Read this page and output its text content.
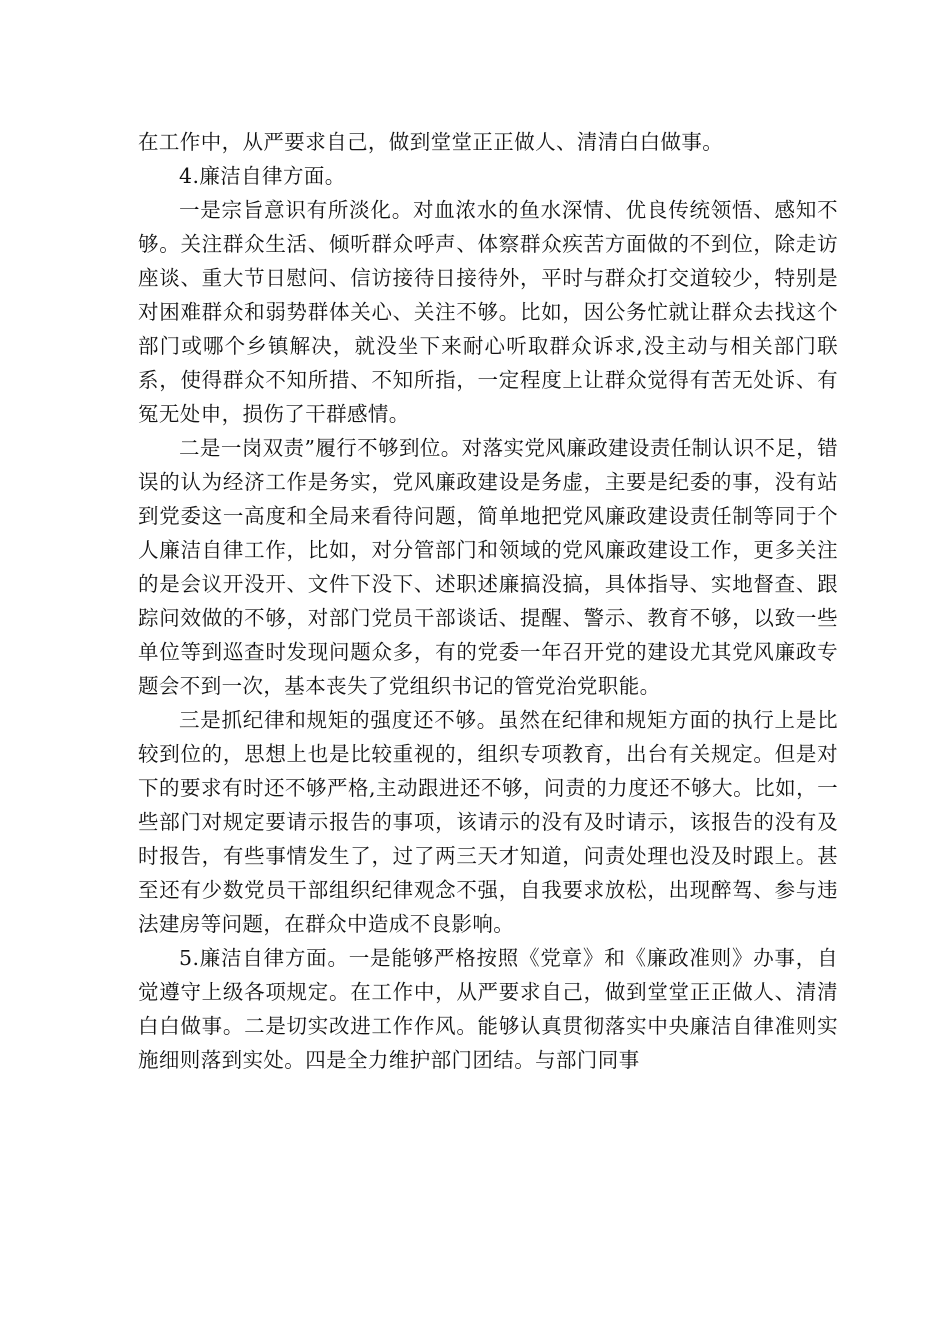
在工作中，从严要求自己，做到堂堂正正做人、清清白白做事。

4.廉洁自律方面。

一是宗旨意识有所淡化。对血浓水的鱼水深情、优良传统领悟、感知不够。关注群众生活、倾听群众呼声、体察群众疾苦方面做的不到位，除走访座谈、重大节日慰问、信访接待日接待外，平时与群众打交道较少，特别是对困难群众和弱势群体关心、关注不够。比如，因公务忙就让群众去找这个部门或哪个乡镇解决，就没坐下来耐心听取群众诉求,没主动与相关部门联系，使得群众不知所措、不知所指，一定程度上让群众觉得有苦无处诉、有冤无处申，损伤了干群感情。

二是一岗双责”履行不够到位。对落实党风廉政建设责任制认识不足，错误的认为经济工作是务实，党风廉政建设是务虚，主要是纪委的事，没有站到党委这一高度和全局来看待问题，简单地把党风廉政建设责任制等同于个人廉洁自律工作，比如，对分管部门和领域的党风廉政建设工作，更多关注的是会议开没开、文件下没下、述职述廉搞没搞，具体指导、实地督查、跟踪问效做的不够，对部门党员干部谈话、提醒、警示、教育不够，以致一些单位等到巡查时发现问题众多，有的党委一年召开党的建设尤其党风廉政专题会不到一次，基本丧失了党组织书记的管党治党职能。

三是抓纪律和规矩的强度还不够。虽然在纪律和规矩方面的执行上是比较到位的，思想上也是比较重视的，组织专项教育，出台有关规定。但是对下的要求有时还不够严格,主动跟进还不够，问责的力度还不够大。比如，一些部门对规定要请示报告的事项，该请示的没有及时请示，该报告的没有及时报告，有些事情发生了，过了两三天才知道，问责处理也没及时跟上。甚至还有少数党员干部组织纪律观念不强，自我要求放松，出现醉驾、参与违法建房等问题，在群众中造成不良影响。

5.廉洁自律方面。一是能够严格按照《党章》和《廉政准则》办事，自觉遵守上级各项规定。在工作中，从严要求自己，做到堂堂正正做人、清清白白做事。二是切实改进工作作风。能够认真贯彻落实中央廉洁自律准则实施细则落到实处。四是全力维护部门团结。与部门同事
